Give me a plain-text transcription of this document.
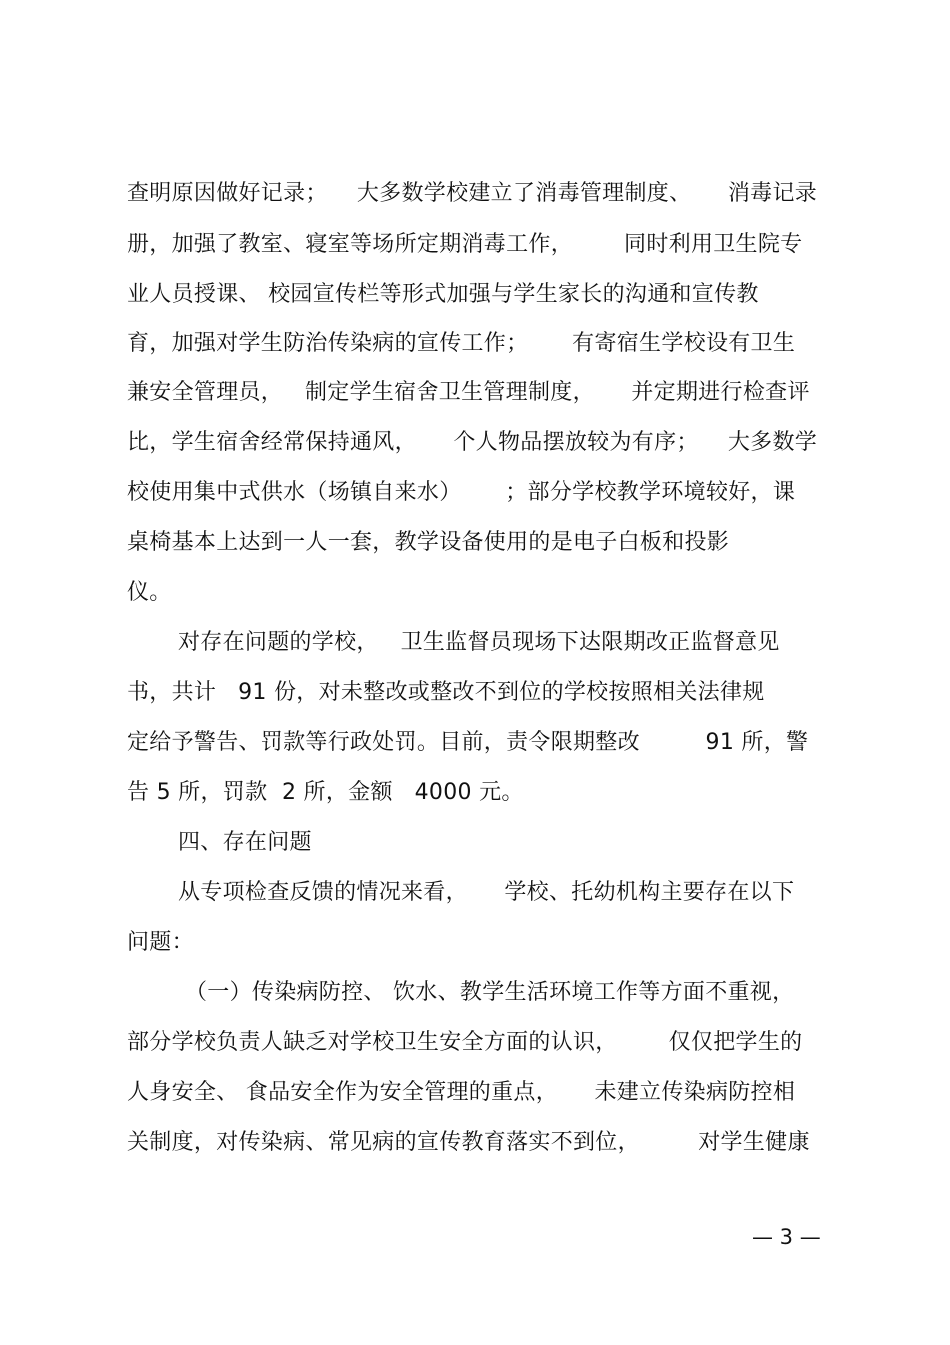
查明原因做好记录；    大多数学校建立了消毒管理制度、     消毒记录
册，加强了教室、寝室等场所定期消毒工作，       同时利用卫生院专
业人员授课、 校园宣传栏等形式加强与学生家长的沟通和宣传教
育，加强对学生防治传染病的宣传工作；      有寄宿生学校设有卫生
兼安全管理员，   制定学生宿舍卫生管理制度，     并定期进行检查评
比，学生宿舍经常保持通风，     个人物品摆放较为有序；    大多数学
校使用集中式供水（场镇自来水）      ；部分学校教学环境较好，课
桌椅基本上达到一人一套，教学设备使用的是电子白板和投影
仪。
对存在问题的学校，   卫生监督员现场下达限期改正监督意见
书，共计   91 份，对未整改或整改不到位的学校按照相关法律规
定给予警告、罚款等行政处罚。目前，责令限期整改         91 所，警
告 5 所，罚款  2 所，金额   4000 元。
四、存在问题
从专项检查反馈的情况来看，     学校、托幼机构主要存在以下
问题：
（一）传染病防控、 饮水、教学生活环境工作等方面不重视，
部分学校负责人缺乏对学校卫生安全方面的认识，       仅仅把学生的
人身安全、 食品安全作为安全管理的重点，     未建立传染病防控相
关制度，对传染病、常见病的宣传教育落实不到位，        对学生健康
— 3 —
